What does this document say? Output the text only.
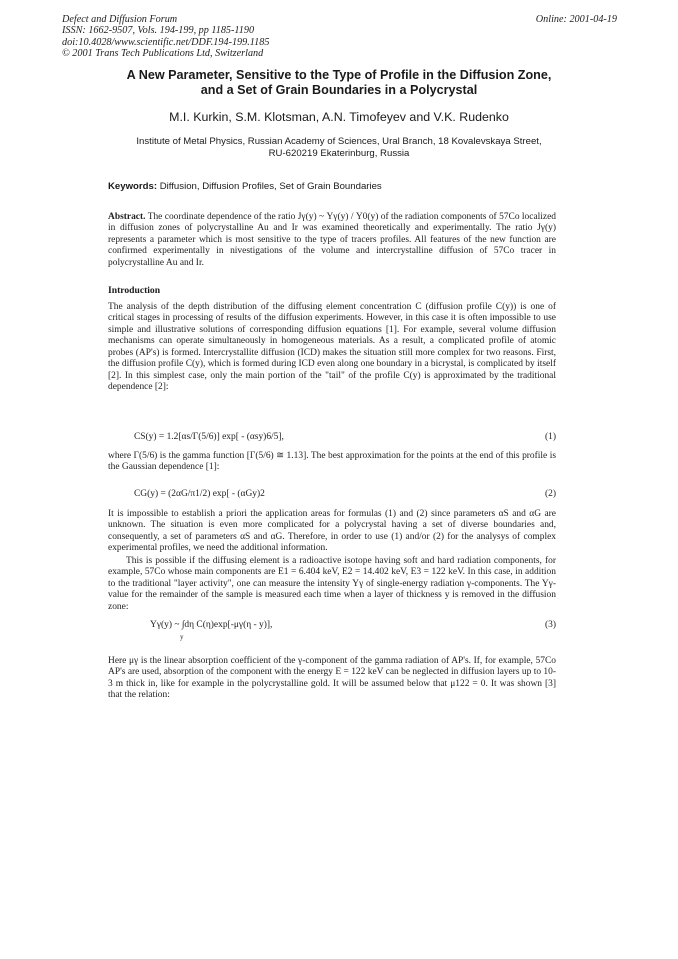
Defect and Diffusion Forum
ISSN: 1662-9507, Vols. 194-199, pp 1185-1190
doi:10.4028/www.scientific.net/DDF.194-199.1185
© 2001 Trans Tech Publications Ltd, Switzerland
Online: 2001-04-19
A New Parameter, Sensitive to the Type of Profile in the Diffusion Zone,
and a Set of Grain Boundaries in a Polycrystal
M.I. Kurkin, S.M. Klotsman, A.N. Timofeyev and V.K. Rudenko
Institute of Metal Physics, Russian Academy of Sciences, Ural Branch, 18 Kovalevskaya Street,
RU-620219 Ekaterinburg, Russia
Keywords: Diffusion, Diffusion Profiles, Set of Grain Boundaries

Abstract. The coordinate dependence of the ratio Jγ(y) ~ Yγ(y) / Y0(y) of the radiation components of 57Co localized in diffusion zones of polycrystalline Au and Ir was examined theoretically and experimentally. The ratio Jγ(y) represents a parameter which is most sensitive to the type of tracers profiles. All features of the new function are confirmed experimentally in nivestigations of the volume and intercrystalline diffusion of 57Co tracer in polycrystalline Au and Ir.

Introduction

The analysis of the depth distribution of the diffusing element concentration C (diffusion profile C(y)) is one of critical stages in processing of results of the diffusion experiments. However, in this case it is often impossible to use simple and illustrative solutions of corresponding diffusion equations [1]. For example, several volume diffusion mechanisms can operate simultaneously in homogeneous materials. As a result, a complicated profile of atomic probes (AP's) is formed. Intercrystallite diffusion (ICD) makes the situation still more complex for two reasons. First, the diffusion profile C(y), which is formed during ICD even along one boundary in a bicrystal, is complicated by itself [2]. In this simplest case, only the main portion of the "tail" of the profile C(y) is approximated by the traditional dependence [2]:

CS(y) = 1.2[αs/Γ(5/6)] exp[ - (αsy)6/5],	(1)

where Γ(5/6) is the gamma function [Γ(5/6) ≅ 1.13]. The best approximation for the points at the end of this profile is the Gaussian dependence [1]:

CG(y) = (2αG/π1/2) exp[ - (αGy)2	(2)

It is impossible to establish a priori the application areas for formulas (1) and (2) since parameters αS and αG are unknown. The situation is even more complicated for a polycrystal having a set of diverse boundaries and, consequently, a set of parameters αS and αG. Therefore, in order to use (1) and/or (2) for the analysys of complex experimental profiles, we need the additional information.

This is possible if the diffusing element is a radioactive isotope having soft and hard radiation components, for example, 57Co whose main components are E1 = 6.404 keV, E2 = 14.402 keV, E3 = 122 keV. In this case, in addition to the traditional "layer activity", one can measure the intensity Yγ of single-energy radiation γ-components. The Yγ-value for the remainder of the sample is measured each time when a layer of thickness y is removed in the diffusion zone:

Yγ(y) ~ ∫dη C(η)exp[-μγ(η - y)],	(3)
y

Here μγ is the linear absorption coefficient of the γ-component of the gamma radiation of AP's. If, for example, 57Co AP's are used, absorption of the component with the energy E = 122 keV can be neglected in diffusion layers up to 10-3 m thick in, like for example in the polycrystalline gold. It will be assumed below that μ122 = 0. It was shown [3] that the relation:
